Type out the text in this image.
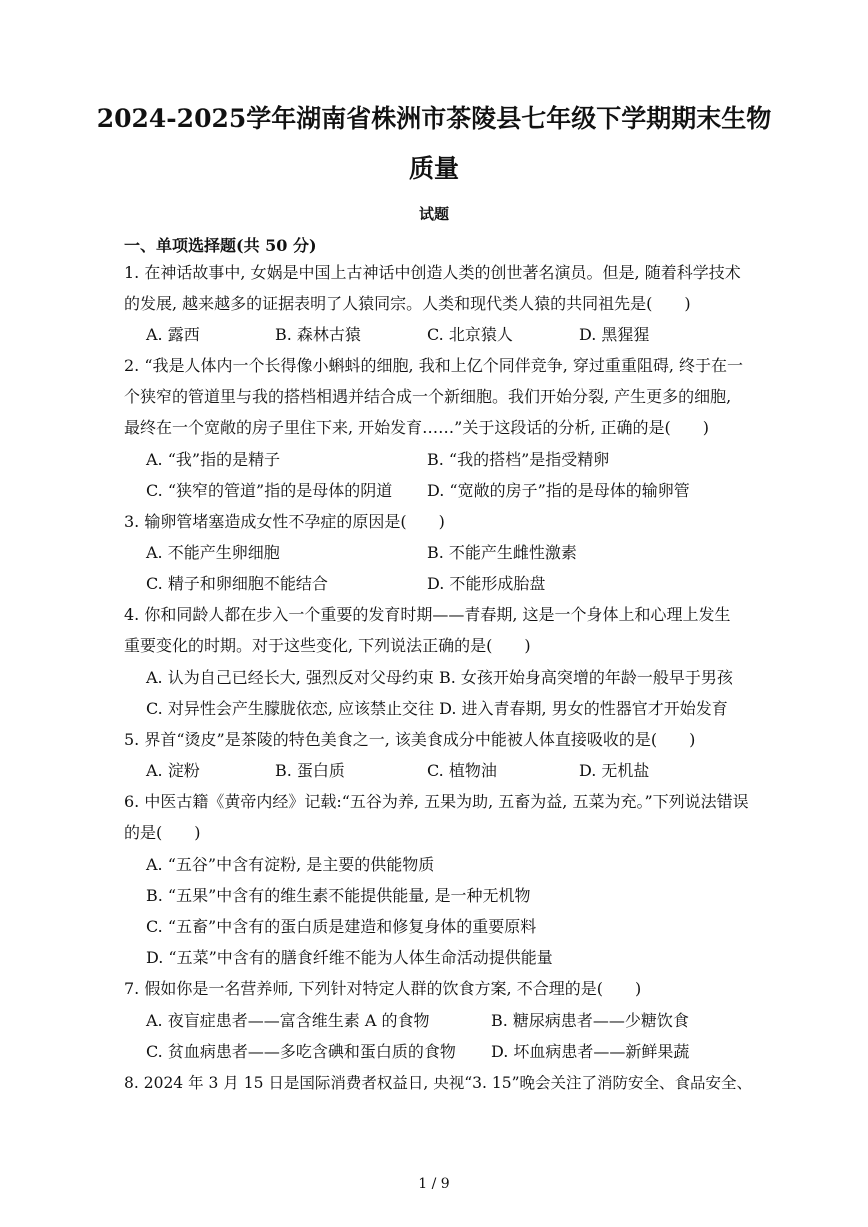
2024-2025学年湖南省株洲市茶陵县七年级下学期期末生物
质量
试题
一、单项选择题(共 50 分)
1. 在神话故事中, 女娲是中国上古神话中创造人类的创世著名演员。但是, 随着科学技术
的发展, 越来越多的证据表明了人猿同宗。人类和现代类人猿的共同祖先是(　　)
A. 露西	B. 森林古猿	C. 北京猿人	D. 黑猩猩
2. “我是人体内一个长得像小蝌蚪的细胞, 我和上亿个同伴竞争, 穿过重重阻碍, 终于在一
个狭窄的管道里与我的搭档相遇并结合成一个新细胞。我们开始分裂, 产生更多的细胞,
最终在一个宽敞的房子里住下来, 开始发育……”关于这段话的分析, 正确的是(　　)
A. “我”指的是精子	B. “我的搭档”是指受精卵
C. “狭窄的管道”指的是母体的阴道 D. “宽敞的房子”指的是母体的输卵管
3. 输卵管堵塞造成女性不孕症的原因是(　　)
A. 不能产生卵细胞	B. 不能产生雌性激素
C. 精子和卵细胞不能结合	D. 不能形成胎盘
4. 你和同龄人都在步入一个重要的发育时期——青春期, 这是一个身体上和心理上发生
重要变化的时期。对于这些变化, 下列说法正确的是(　　)
A. 认为自己已经长大, 强烈反对父母约束 B. 女孩开始身高突增的年龄一般早于男孩
C. 对异性会产生朦胧依恋, 应该禁止交往 D. 进入青春期, 男女的性器官才开始发育
5. 界首“烫皮”是茶陵的特色美食之一, 该美食成分中能被人体直接吸收的是(　　)
A. 淀粉	B. 蛋白质	C. 植物油	D. 无机盐
6. 中医古籍《黄帝内经》记载:“五谷为养, 五果为助, 五畜为益, 五菜为充。”下列说法错误
的是(　　)
A. “五谷”中含有淀粉, 是主要的供能物质
B. “五果”中含有的维生素不能提供能量, 是一种无机物
C. “五畜”中含有的蛋白质是建造和修复身体的重要原料
D. “五菜”中含有的膳食纤维不能为人体生命活动提供能量
7. 假如你是一名营养师, 下列针对特定人群的饮食方案, 不合理的是(　　)
A. 夜盲症患者——富含维生素 A 的食物	B. 糖尿病患者——少糖饮食
C. 贫血病患者——多吃含碘和蛋白质的食物 D. 坏血病患者——新鲜果蔬
8. 2024 年 3 月 15 日是国际消费者权益日, 央视“3. 15”晚会关注了消防安全、食品安全、
1 / 9
